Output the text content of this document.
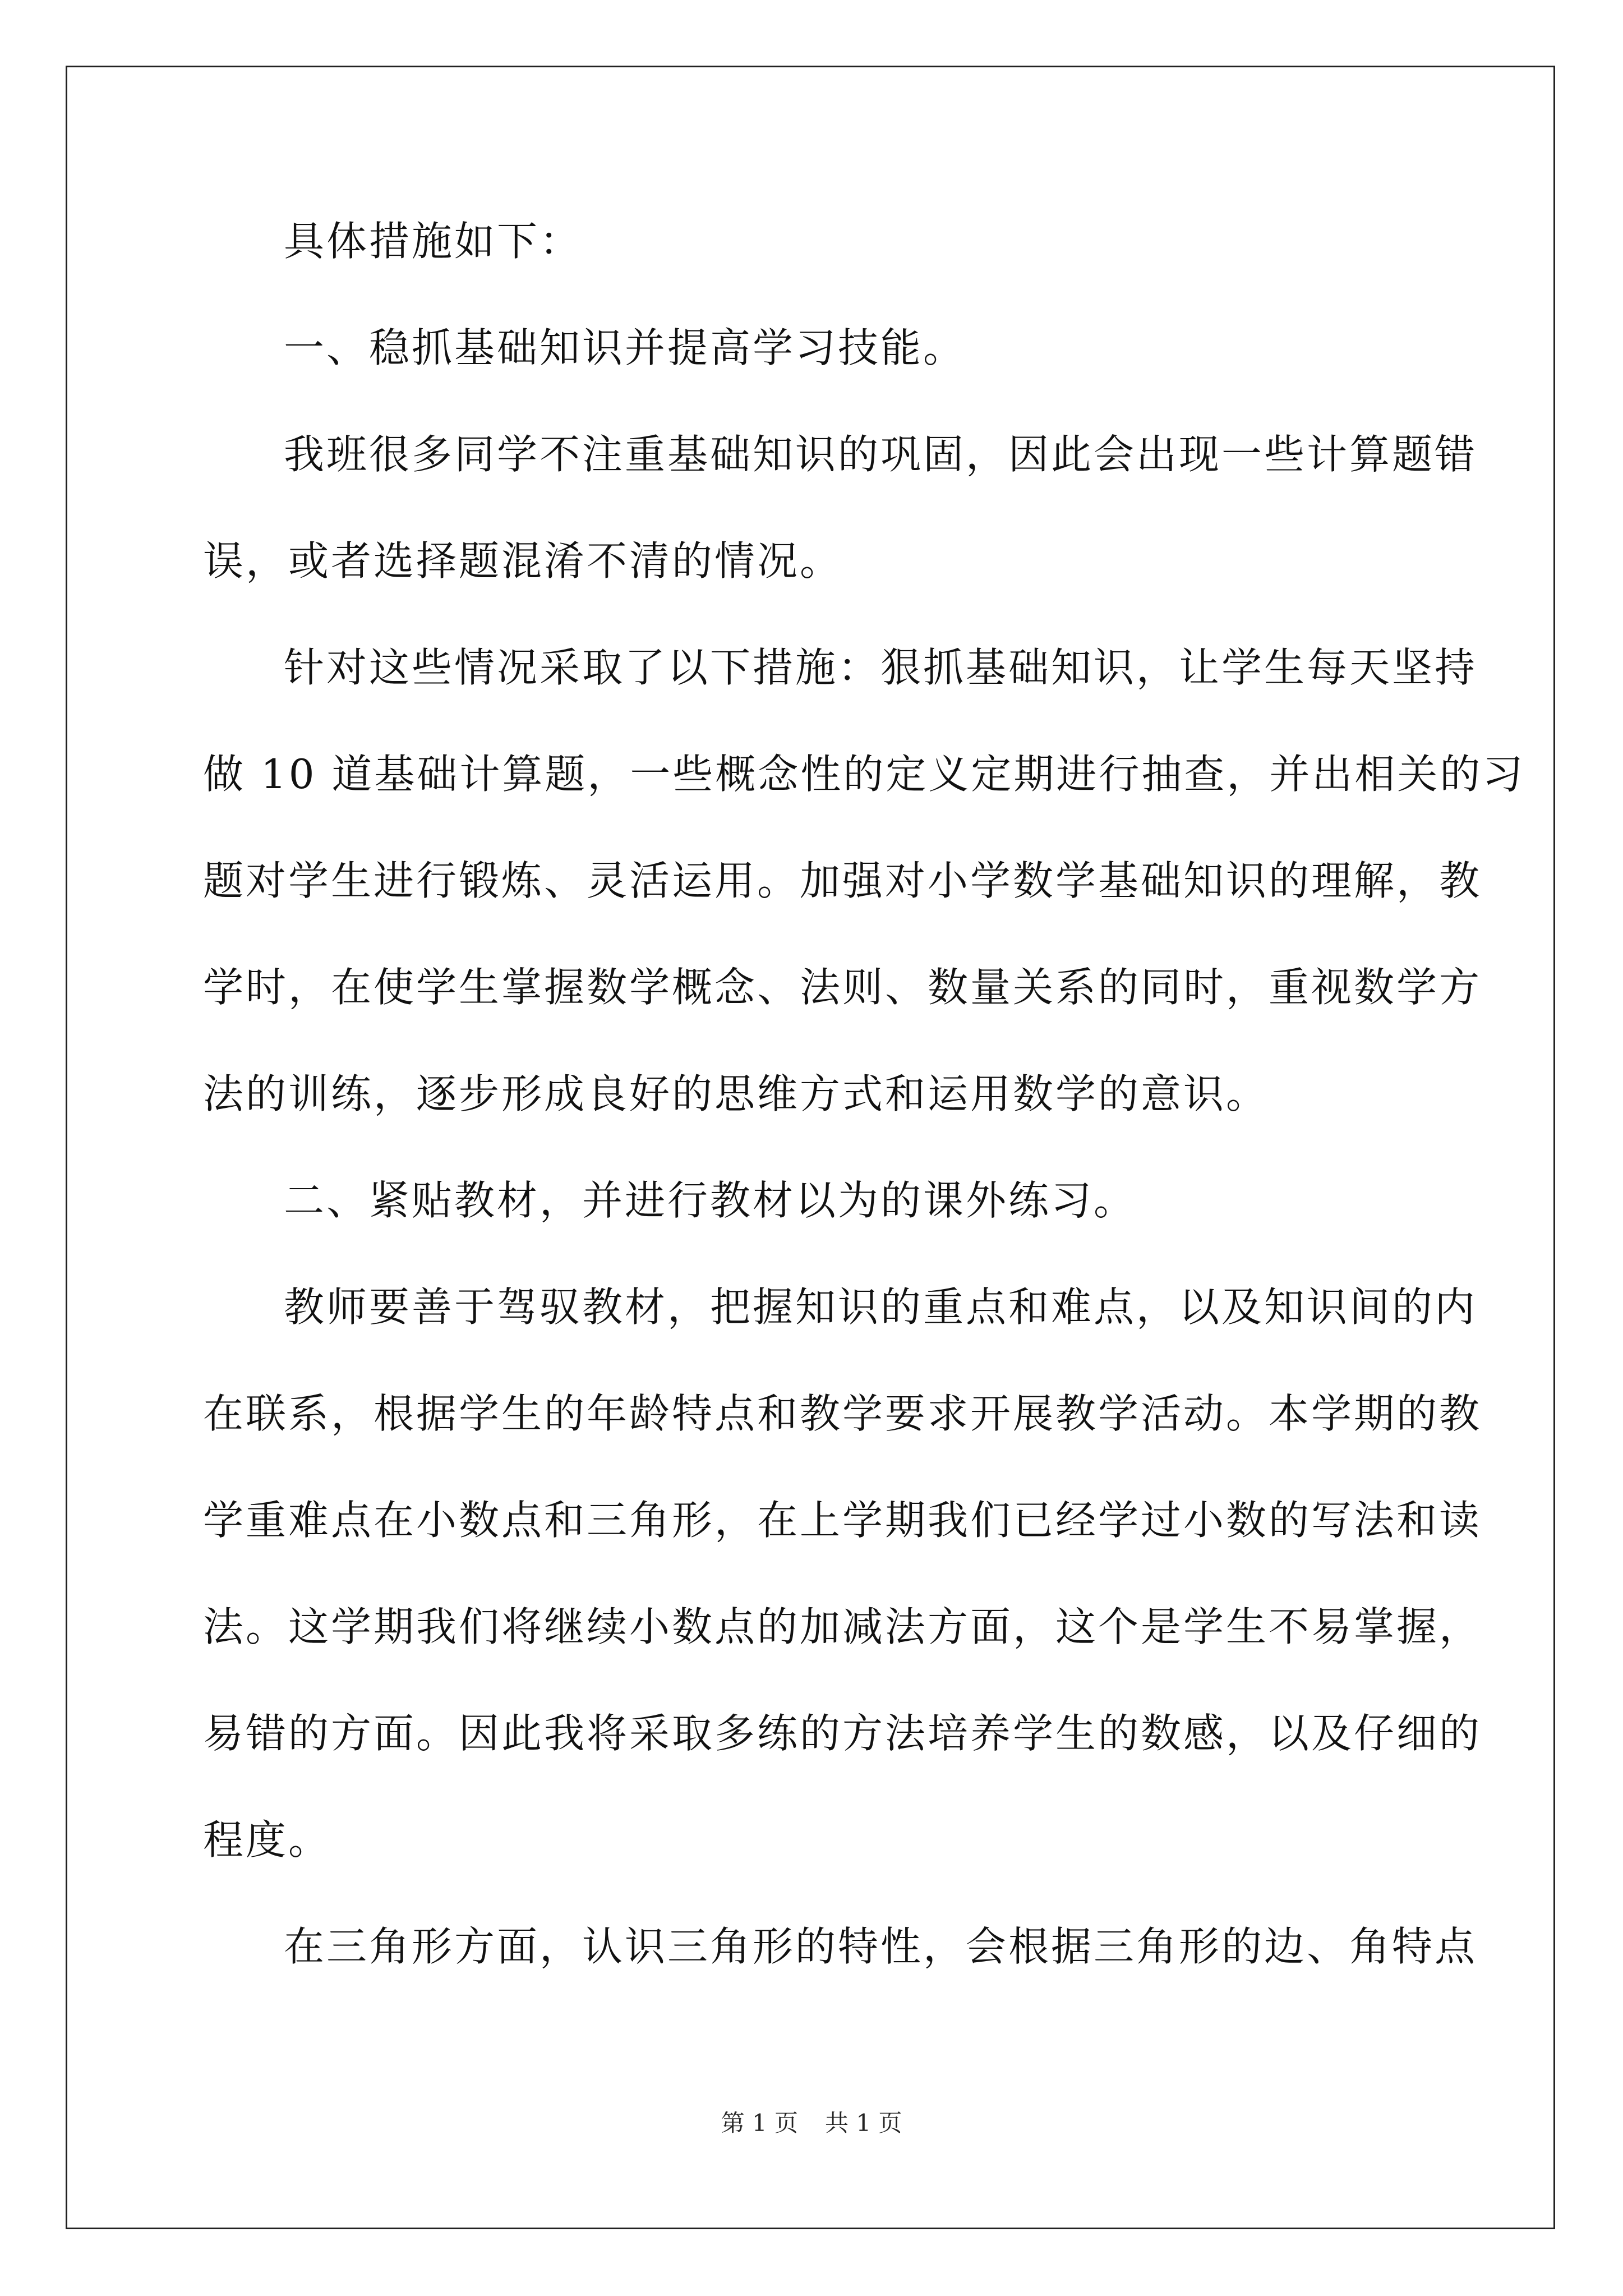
具体措施如下：
一、稳抓基础知识并提高学习技能。
我班很多同学不注重基础知识的巩固，因此会出现一些计算题错
误，或者选择题混淆不清的情况。
针对这些情况采取了以下措施：狠抓基础知识，让学生每天坚持
做 10 道基础计算题，一些概念性的定义定期进行抽查，并出相关的习
题对学生进行锻炼、灵活运用。加强对小学数学基础知识的理解，教
学时，在使学生掌握数学概念、法则、数量关系的同时，重视数学方
法的训练，逐步形成良好的思维方式和运用数学的意识。
二、紧贴教材，并进行教材以为的课外练习。
教师要善于驾驭教材，把握知识的重点和难点，以及知识间的内
在联系，根据学生的年龄特点和教学要求开展教学活动。本学期的教
学重难点在小数点和三角形，在上学期我们已经学过小数的写法和读
法。这学期我们将继续小数点的加减法方面，这个是学生不易掌握，
易错的方面。因此我将采取多练的方法培养学生的数感，以及仔细的
程度。
在三角形方面，认识三角形的特性，会根据三角形的边、角特点
第 1 页 共 1 页
